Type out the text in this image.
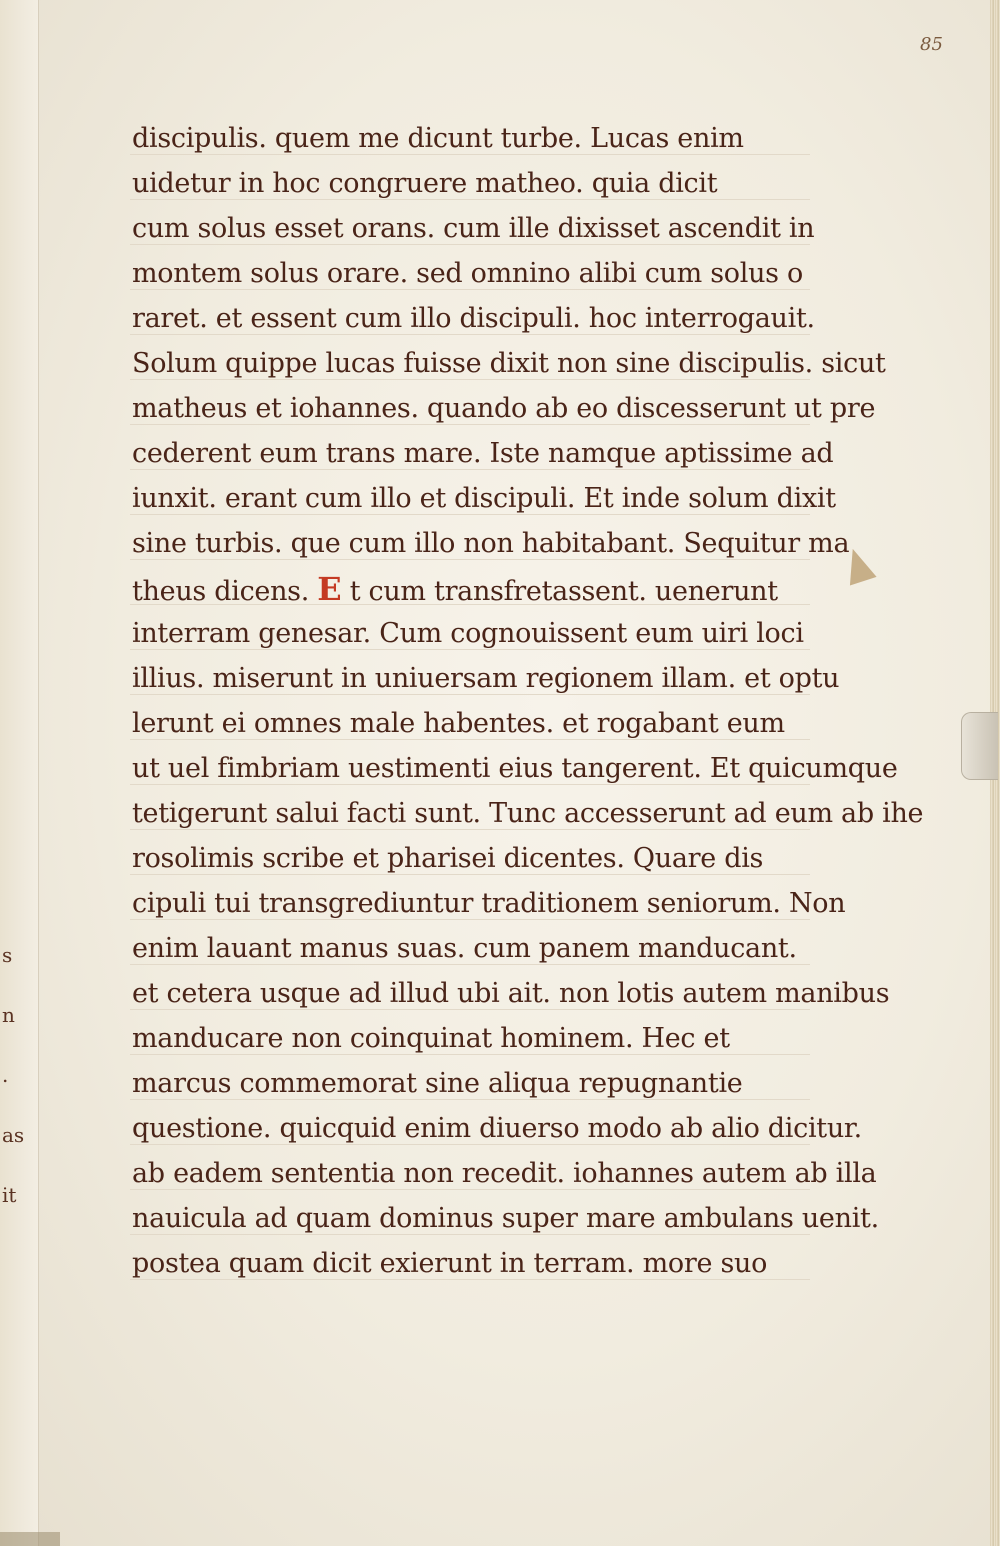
85
s
n
.
as
it
discipulis. quem me dicunt turbe. Lucas enim
uidetur in hoc congruere matheo. quia dicit
cum solus esset orans. cum ille dixisset ascendit in
montem solus orare. sed omnino alibi cum solus o
raret. et essent cum illo discipuli. hoc interrogauit.
Solum quippe lucas fuisse dixit non sine discipulis. sicut
matheus et iohannes. quando ab eo discesserunt ut pre
cederent eum trans mare. Iste namque aptissime ad
iunxit. erant cum illo et discipuli. Et inde solum dixit
sine turbis. que cum illo non habitabant. Sequitur ma
theus dicens. E t cum transfretassent. uenerunt
interram genesar. Cum cognouissent eum uiri loci
illius. miserunt in uniuersam regionem illam. et optu
lerunt ei omnes male habentes. et rogabant eum
ut uel fimbriam uestimenti eius tangerent. Et quicumque
tetigerunt salui facti sunt. Tunc accesserunt ad eum ab ihe
rosolimis scribe et pharisei dicentes. Quare dis
cipuli tui transgrediuntur traditionem seniorum. Non
enim lauant manus suas. cum panem manducant.
et cetera usque ad illud ubi ait. non lotis autem manibus
manducare non coinquinat hominem. Hec et
marcus commemorat sine aliqua repugnantie
questione. quicquid enim diuerso modo ab alio dicitur.
ab eadem sententia non recedit. iohannes autem ab illa
nauicula ad quam dominus super mare ambulans uenit.
postea quam dicit exierunt in terram. more suo
